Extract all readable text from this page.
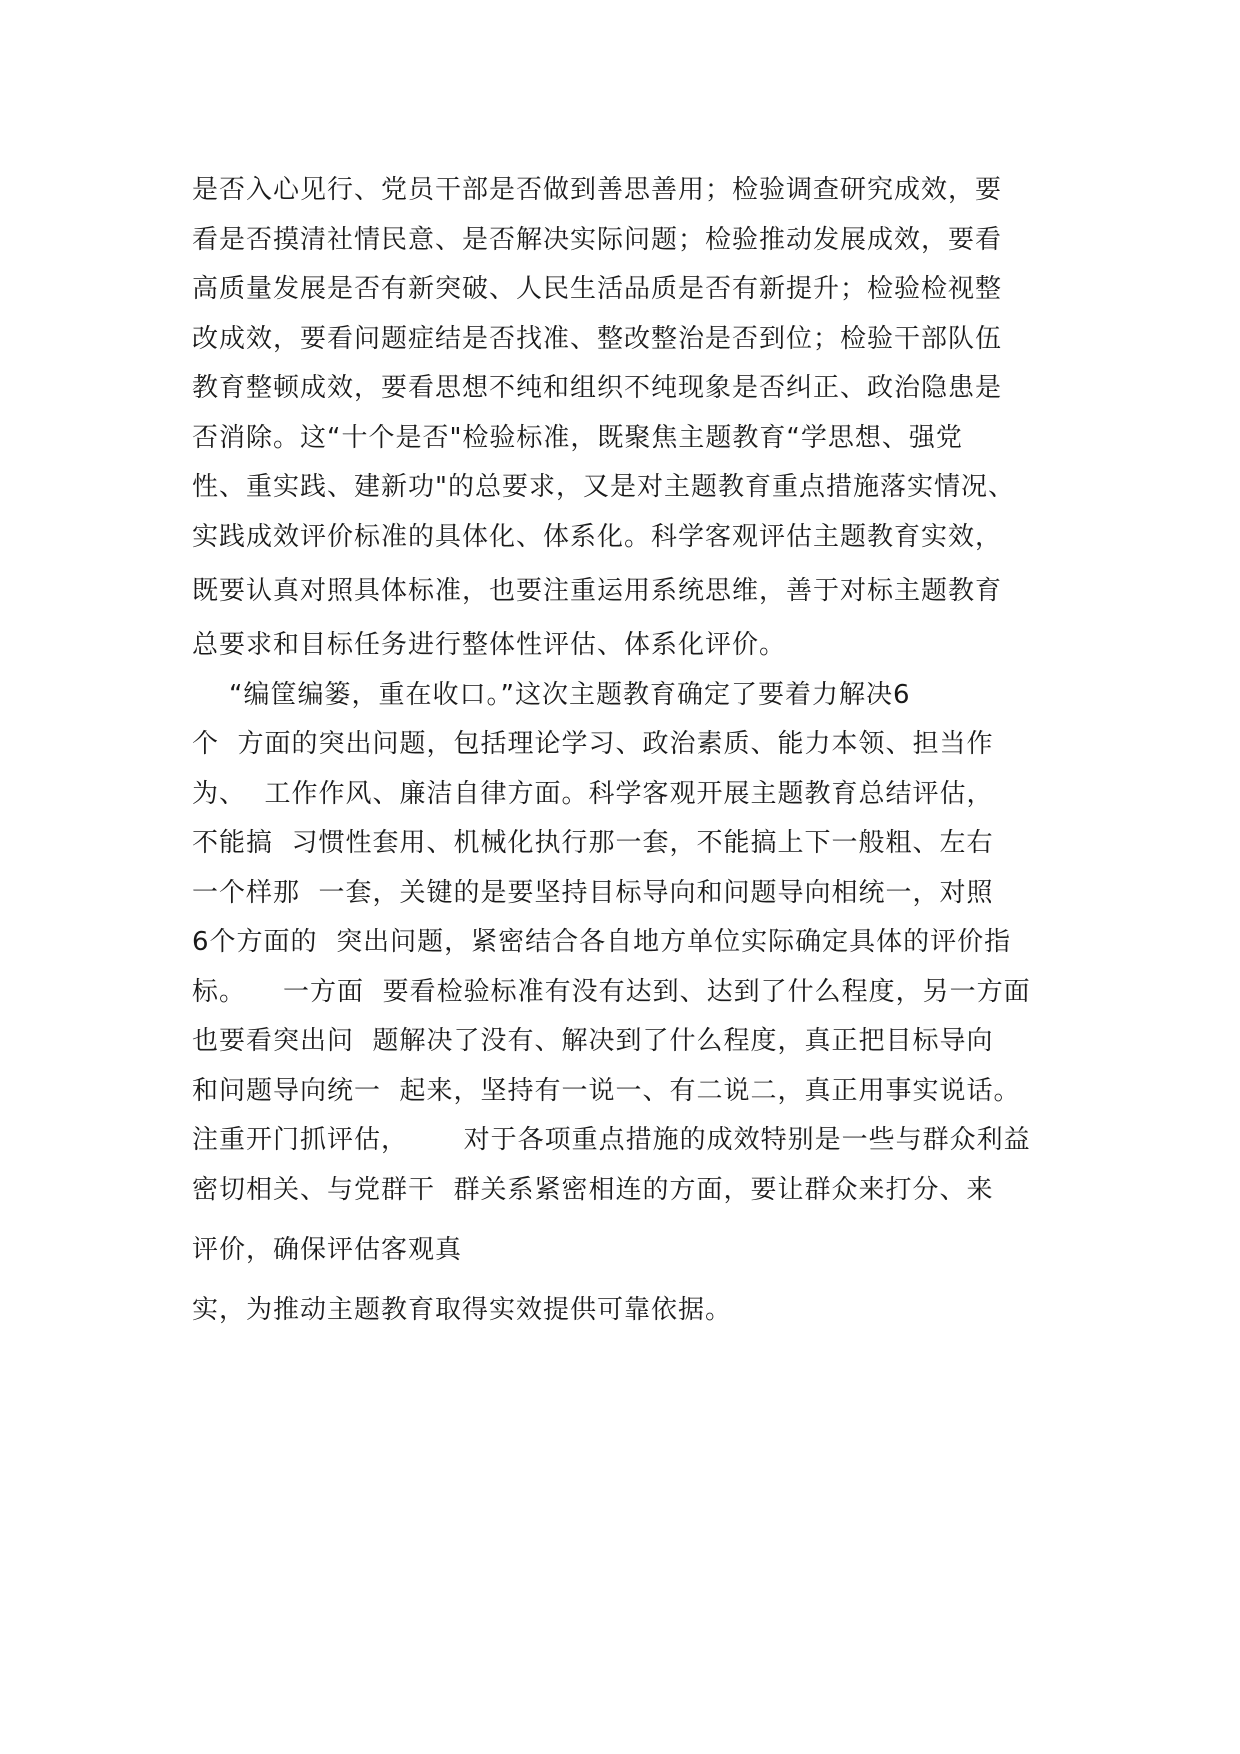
是否入心见行、党员干部是否做到善思善用；检验调查研究成效，要
看是否摸清社情民意、是否解决实际问题；检验推动发展成效，要看
高质量发展是否有新突破、人民生活品质是否有新提升；检验检视整
改成效，要看问题症结是否找准、整改整治是否到位；检验干部队伍
教育整顿成效，要看思想不纯和组织不纯现象是否纠正、政治隐患是
否消除。这“十个是否"检验标准，既聚焦主题教育“学思想、强党
性、重实践、建新功"的总要求，又是对主题教育重点措施落实情况、
实践成效评价标准的具体化、体系化。科学客观评估主题教育实效，
既要认真对照具体标准，也要注重运用系统思维，善于对标主题教育
总要求和目标任务进行整体性评估、体系化评价。
“编筐编篓，重在收口。”这次主题教育确定了要着力解决6
个  方面的突出问题，包括理论学习、政治素质、能力本领、担当作
为、  工作作风、廉洁自律方面。科学客观开展主题教育总结评估，
不能搞  习惯性套用、机械化执行那一套，不能搞上下一般粗、左右
一个样那  一套，关键的是要坚持目标导向和问题导向相统一，对照
6个方面的  突出问题，紧密结合各自地方单位实际确定具体的评价指
标。    一方面  要看检验标准有没有达到、达到了什么程度，另一方面
也要看突出问  题解决了没有、解决到了什么程度，真正把目标导向
和问题导向统一  起来，坚持有一说一、有二说二，真正用事实说话。
注重开门抓评估，      对于各项重点措施的成效特别是一些与群众利益
密切相关、与党群干  群关系紧密相连的方面，要让群众来打分、来
评价，确保评估客观真
实，为推动主题教育取得实效提供可靠依据。
